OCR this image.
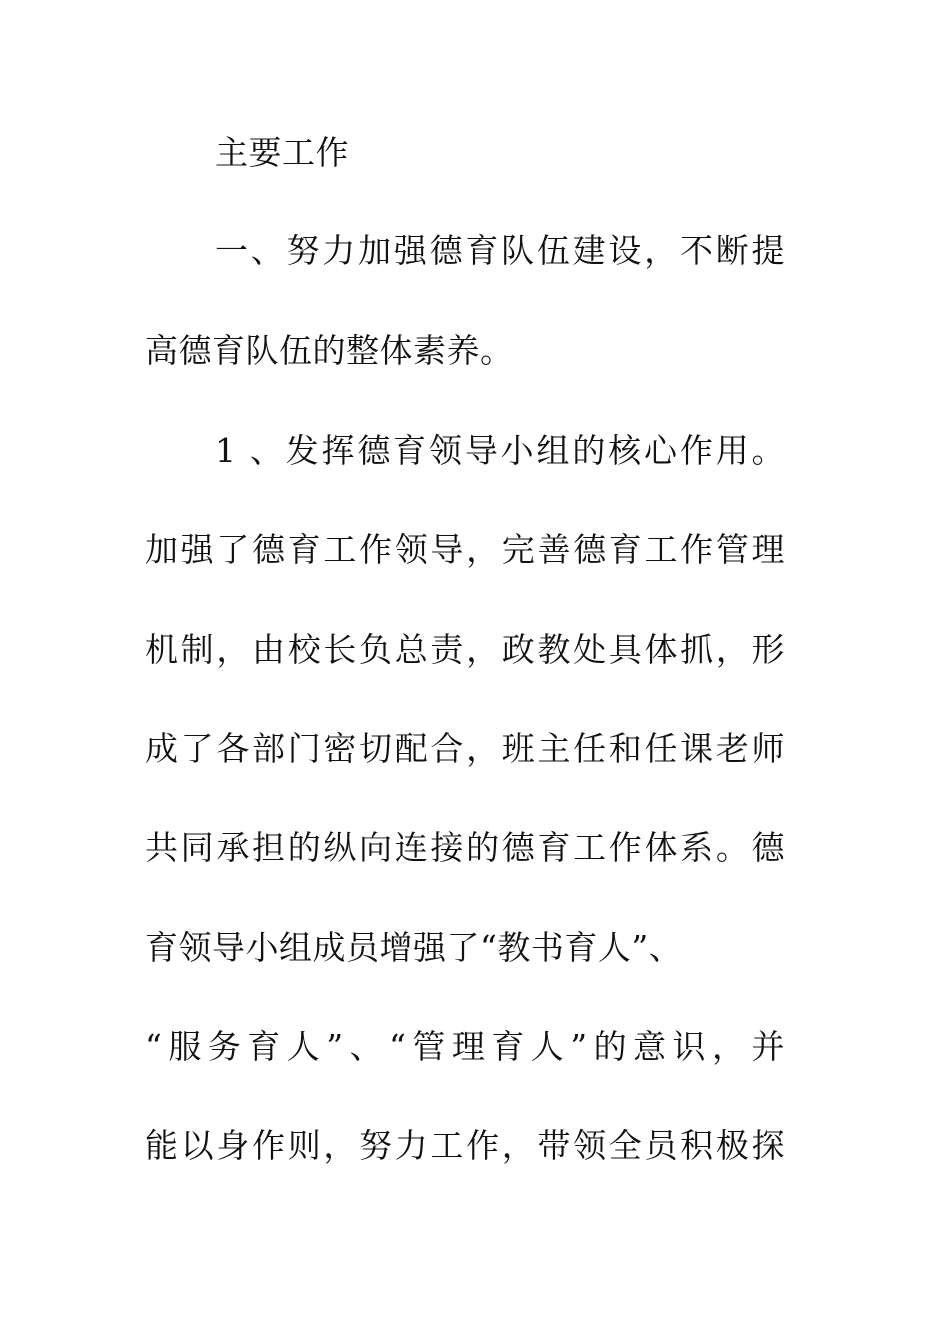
主要工作
一、努力加强德育队伍建设，不断提
高德育队伍的整体素养。
1 、发挥德育领导小组的核心作用。
加强了德育工作领导，完善德育工作管理
机制，由校长负总责，政教处具体抓，形
成了各部门密切配合，班主任和任课老师
共同承担的纵向连接的德育工作体系。德
育领导小组成员增强了“教书育人”、
“服务育人”、“管理育人”的意识，并
能以身作则，努力工作，带领全员积极探
